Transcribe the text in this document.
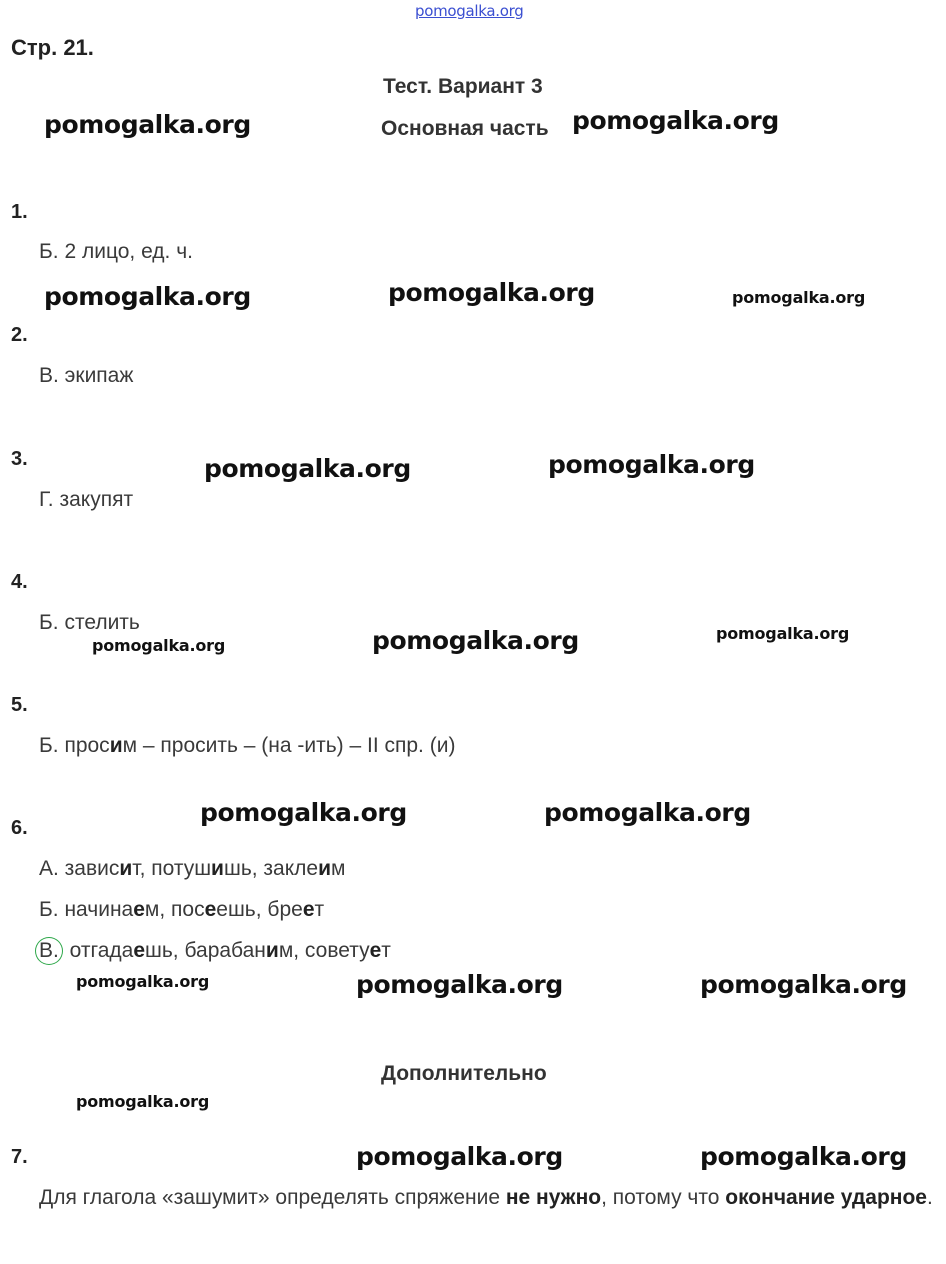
pomogalka.org
Стр. 21.
Тест. Вариант 3
Основная часть
1.
Б. 2 лицо, ед. ч.
2.
В. экипаж
3.
Г. закупят
4.
Б. стелить
5.
Б. просим – просить – (на -ить) – II спр. (и)
6.
А. зависит, потушишь, заклеим
Б. начинаем, посеешь, бреет
В. отгадаешь, барабаним, советует
Дополнительно
7.
Для глагола «зашумит» определять спряжение не нужно, потому что окончание ударное.
pomogalka.org	pomogalka.org
pomogalka.org	pomogalka.org
pomogalka.org	pomogalka.org
pomogalka.org
pomogalka.org	pomogalka.org
pomogalka.org	pomogalka.org
pomogalka.org	pomogalka.org
pomogalka.org
pomogalka.org
pomogalka.org
pomogalka.org
pomogalka.org
